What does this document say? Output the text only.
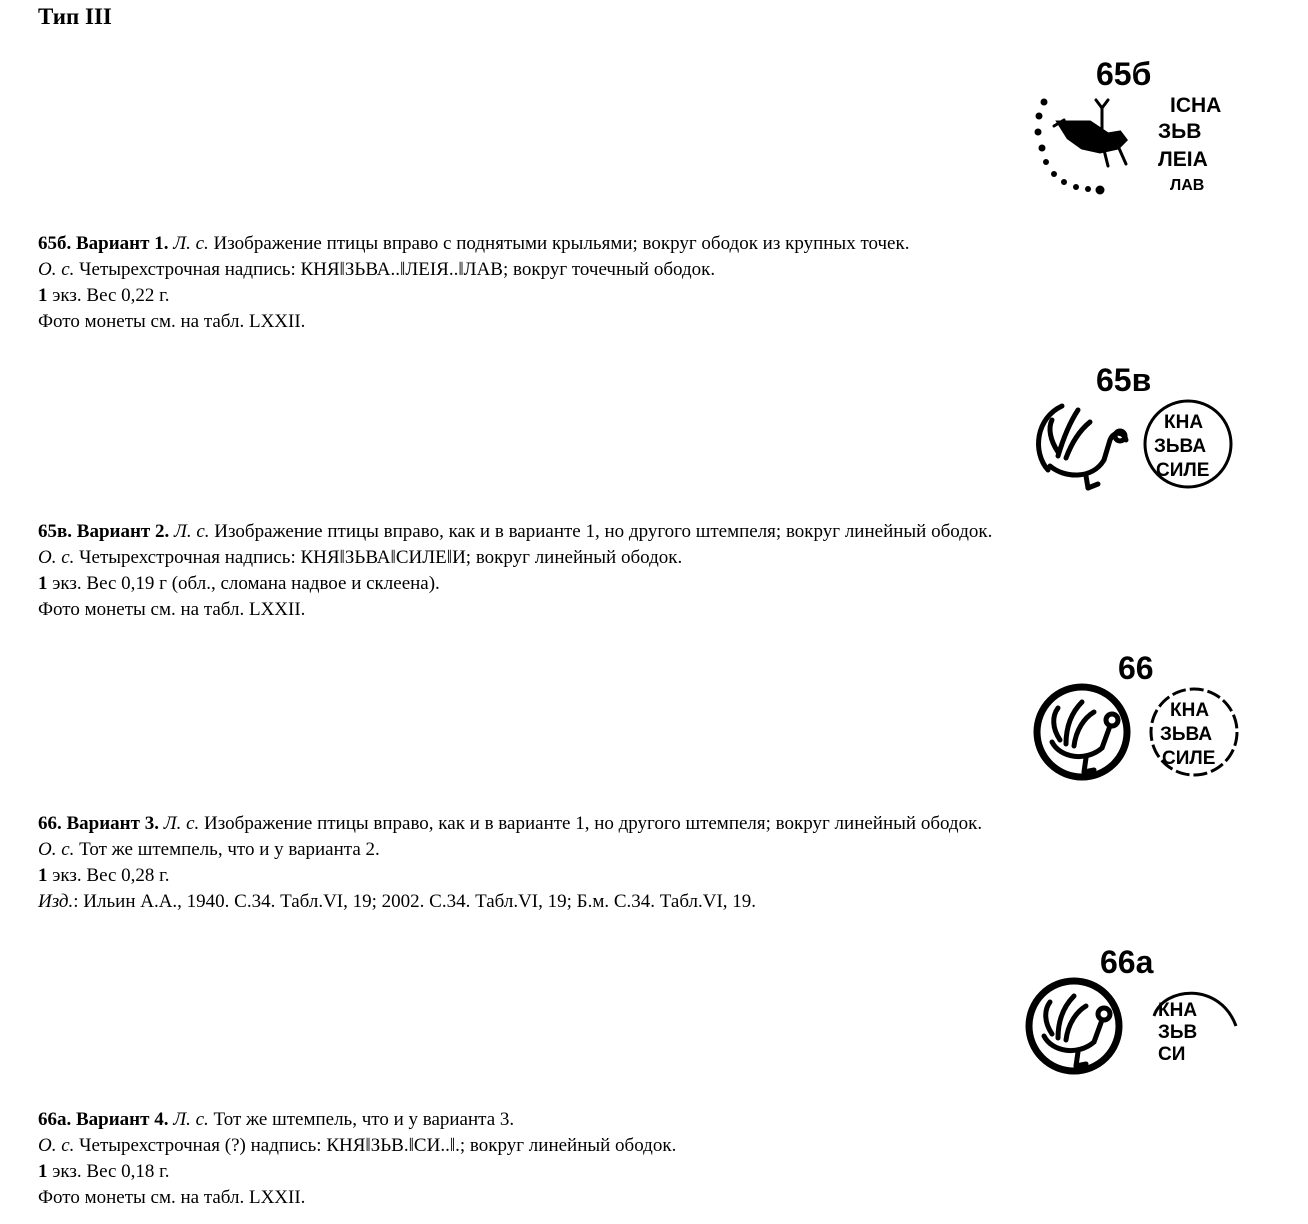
Тип III
65б
IСНА
ЗЬВ
ЛЕIА
ЛАВ

65б. Вариант 1. Л. с. Изображение птицы вправо с поднятыми крыльями; вокруг ободок из крупных точек.

О. с. Четырехстрочная надпись: КНЯǁЗЬВА..ǁЛЕIЯ..ǁЛАВ; вокруг точечный ободок.

1 экз. Вес 0,22 г.

Фото монеты см. на табл. LXXII.

65в
КНА
ЗЬВА
СИЛЕ

65в. Вариант 2. Л. с. Изображение птицы вправо, как и в варианте 1, но другого штемпеля; вокруг линейный ободок.

О. с. Четырехстрочная надпись: КНЯǁЗЬВАǁСИЛЕǁИ; вокруг линейный ободок.

1 экз. Вес 0,19 г (обл., сломана надвое и склеена).

Фото монеты см. на табл. LXXII.

66
КНА
ЗЬВА
СИЛЕ

66. Вариант 3. Л. с. Изображение птицы вправо, как и в варианте 1, но другого штемпеля; вокруг линейный ободок.

О. с. Тот же штемпель, что и у варианта 2.

1 экз. Вес 0,28 г.

Изд.: Ильин А.А., 1940. С.34. Табл.VI, 19; 2002. С.34. Табл.VI, 19; Б.м. С.34. Табл.VI, 19.

66а
КНА
ЗЬВ
СИ

66а. Вариант 4. Л. с. Тот же штемпель, что и у варианта 3.

О. с. Четырехстрочная (?) надпись: КНЯǁЗЬВ.ǁСИ..ǁ.; вокруг линейный ободок.

1 экз. Вес 0,18 г.

Фото монеты см. на табл. LXXII.
